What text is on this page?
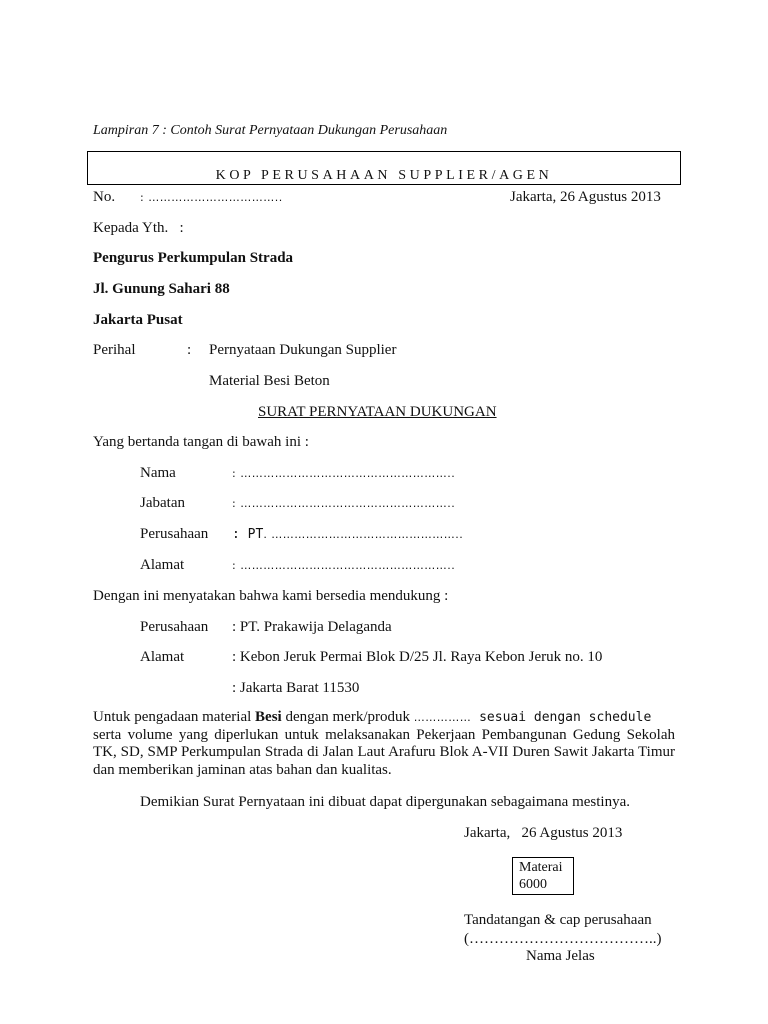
Lampiran 7 : Contoh Surat Pernyataan Dukungan Perusahaan
KOP PERUSAHAAN SUPPLIER/AGEN
No. : ……………………………..	Jakarta, 26 Agustus 2013
Kepada Yth.   :
Pengurus Perkumpulan Strada
Jl. Gunung Sahari 88
Jakarta Pusat
Perihal	: Pernyataan Dukungan Supplier
Material Besi Beton
SURAT PERNYATAAN DUKUNGAN
Yang bertanda tangan di bawah ini :
Nama	: ………………………………………………..
Jabatan	: ………………………………………………..
Perusahaan : PT. …………………………………………..
Alamat	: ………………………………………………..
Dengan ini menyatakan bahwa kami bersedia mendukung :
Perusahaan : PT. Prakawija Delaganda
Alamat	: Kebon Jeruk Permai Blok D/25 Jl. Raya Kebon Jeruk no. 10
: Jakarta Barat 11530
Untuk pengadaan material Besi dengan merk/produk …………… sesuai dengan schedule
serta volume yang diperlukan untuk melaksanakan Pekerjaan Pembangunan Gedung Sekolah TK, SD, SMP Perkumpulan Strada di Jalan Laut Arafuru Blok A-VII Duren Sawit Jakarta Timur dan memberikan jaminan atas bahan dan kualitas.
Demikian Surat Pernyataan ini dibuat dapat dipergunakan sebagaimana mestinya.
Jakarta,   26 Agustus 2013
Materai
6000
Tandatangan & cap perusahaan
(………………………………..)
Nama Jelas
